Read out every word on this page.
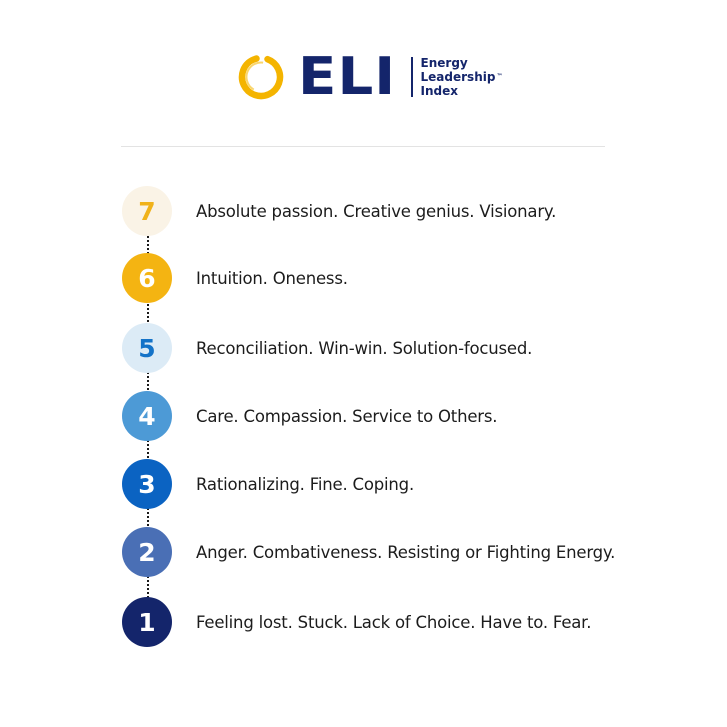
ELI Energy
Leadership™
Index
7	Absolute passion. Creative genius. Visionary.
6	Intuition. Oneness.
5	Reconciliation. Win-win. Solution-focused.
4	Care. Compassion. Service to Others.
3	Rationalizing. Fine. Coping.
2	Anger. Combativeness. Resisting or Fighting Energy.
1	Feeling lost. Stuck. Lack of Choice. Have to. Fear.
